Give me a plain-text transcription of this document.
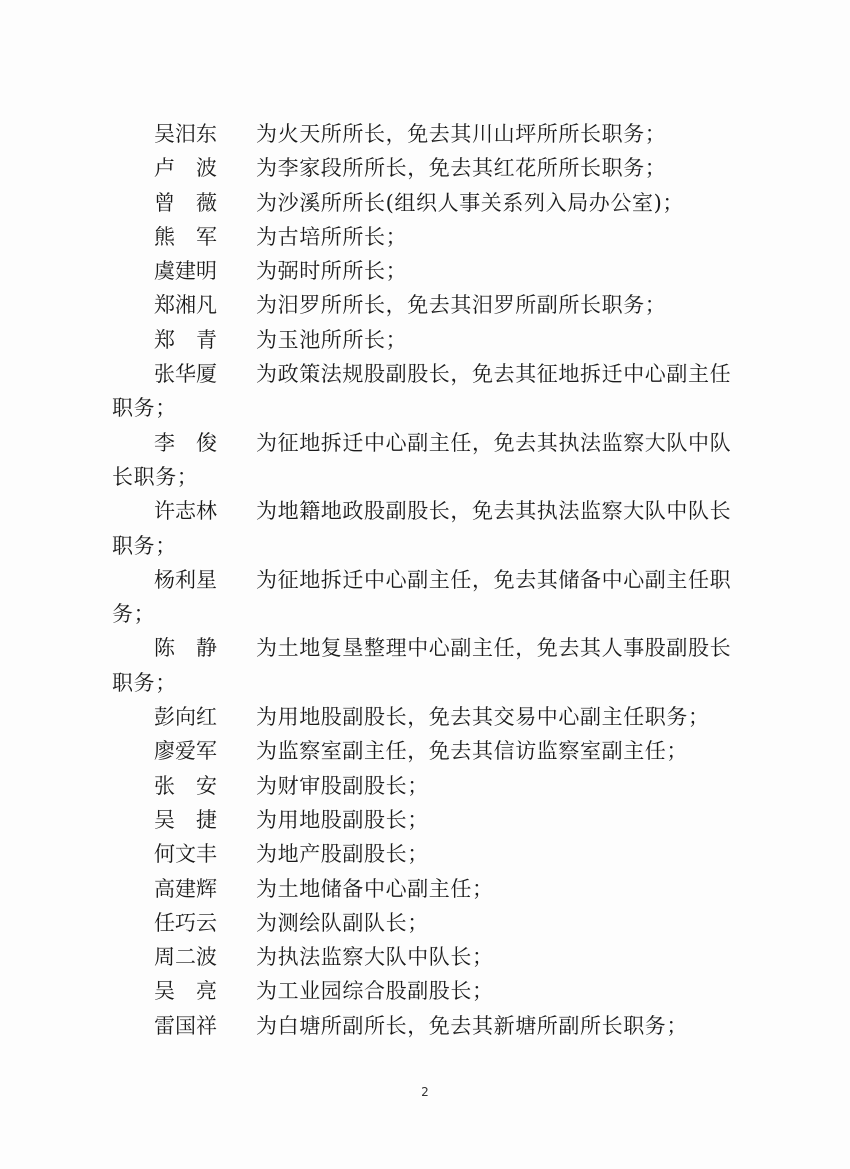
吴汨东 为火天所所长，免去其川山坪所所长职务；

卢　波 为李家段所所长，免去其红花所所长职务；

曾　薇 为沙溪所所长(组织人事关系列入局办公室)；

熊　军 为古培所所长；

虞建明 为弼时所所长；

郑湘凡 为汨罗所所长，免去其汨罗所副所长职务；

郑　青 为玉池所所长；

张华厦 为政策法规股副股长，免去其征地拆迁中心副主任职务；

李　俊 为征地拆迁中心副主任，免去其执法监察大队中队长职务；

许志林 为地籍地政股副股长，免去其执法监察大队中队长职务；

杨利星 为征地拆迁中心副主任，免去其储备中心副主任职务；

陈　静 为土地复垦整理中心副主任，免去其人事股副股长职务；

彭向红 为用地股副股长，免去其交易中心副主任职务；

廖爱军 为监察室副主任，免去其信访监察室副主任；

张　安 为财审股副股长；

吴　捷 为用地股副股长；

何文丰 为地产股副股长；

高建辉 为土地储备中心副主任；

任巧云 为测绘队副队长；

周二波 为执法监察大队中队长；

吴　亮 为工业园综合股副股长；

雷国祥 为白塘所副所长，免去其新塘所副所长职务；

2
